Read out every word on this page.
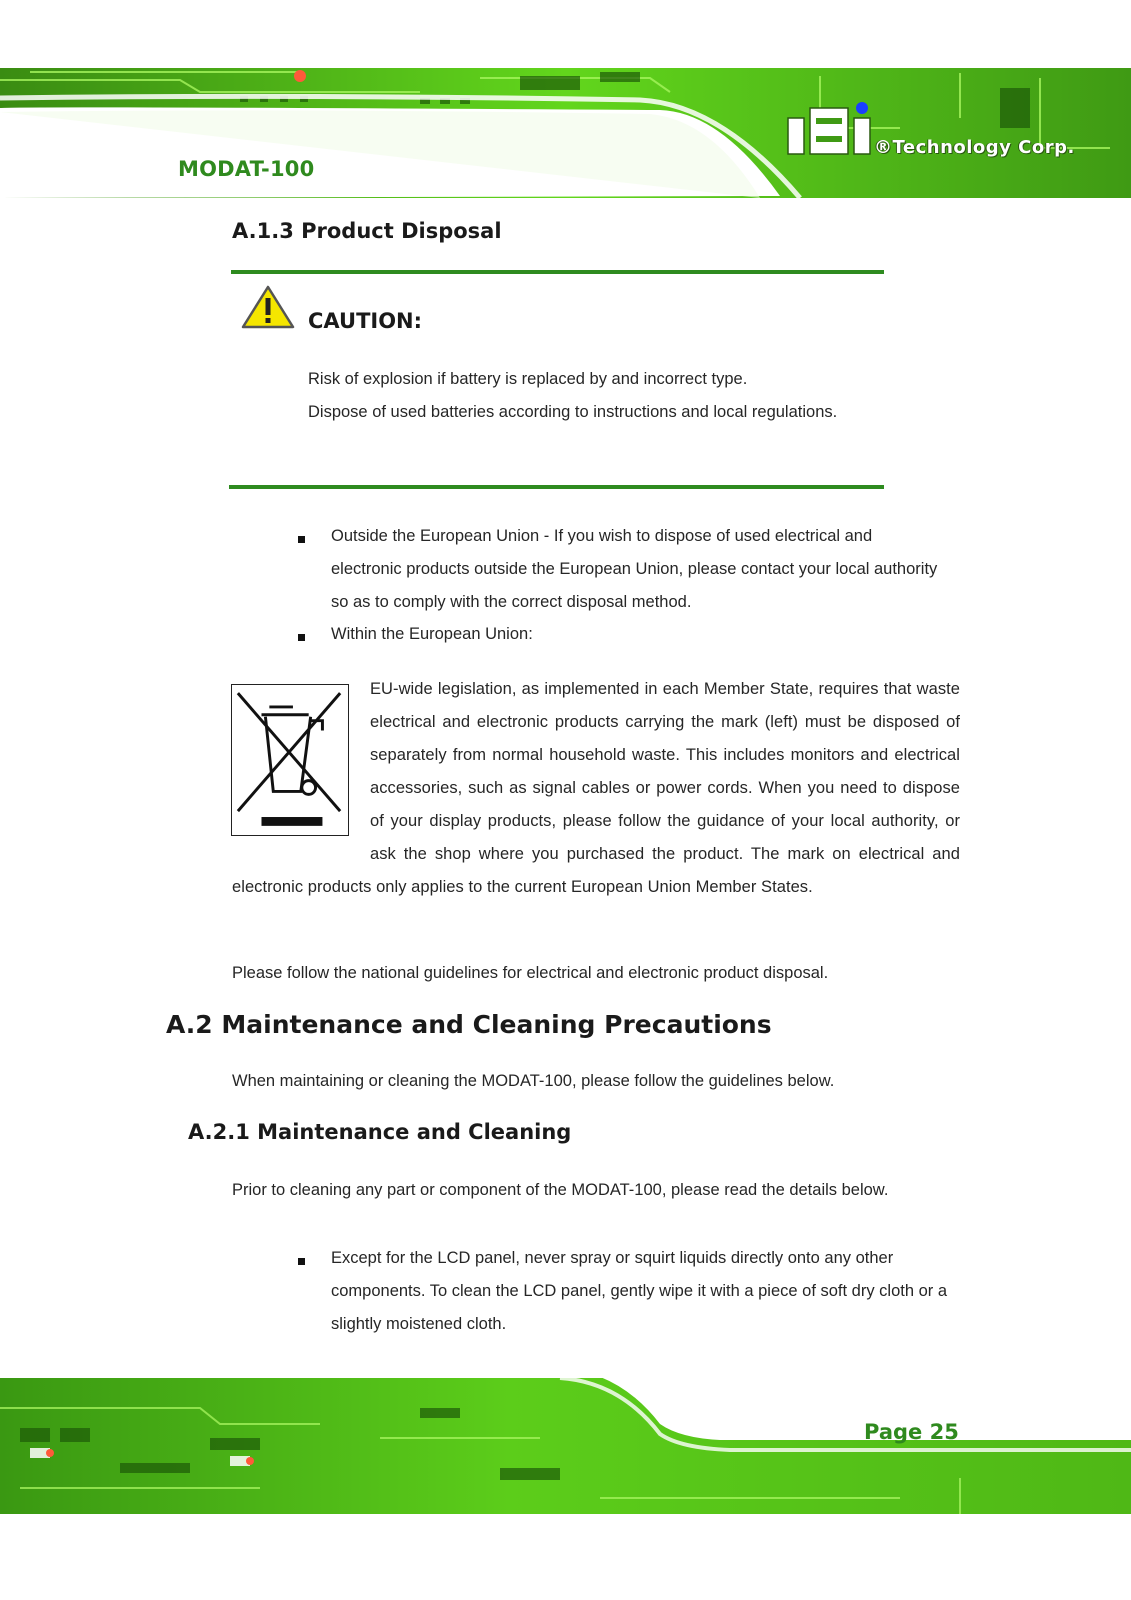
MODAT-100
®Technology Corp.
A.1.3 Product Disposal
CAUTION:
Risk of explosion if battery is replaced by and incorrect type.
Dispose of used batteries according to instructions and local regulations.
Outside the European Union - If you wish to dispose of used electrical and electronic products outside the European Union, please contact your local authority so as to comply with the correct disposal method.
Within the European Union:
EU-wide legislation, as implemented in each Member State, requires that waste electrical and electronic products carrying the mark (left) must be disposed of separately from normal household waste. This includes monitors and electrical accessories, such as signal cables or power cords. When you need to dispose of your display products, please follow the guidance of your local authority, or ask the shop where you purchased the product. The mark on electrical and electronic products only applies to the current European Union Member States.
Please follow the national guidelines for electrical and electronic product disposal.
A.2 Maintenance and Cleaning Precautions
When maintaining or cleaning the MODAT-100, please follow the guidelines below.
A.2.1 Maintenance and Cleaning
Prior to cleaning any part or component of the MODAT-100, please read the details below.
Except for the LCD panel, never spray or squirt liquids directly onto any other components. To clean the LCD panel, gently wipe it with a piece of soft dry cloth or a slightly moistened cloth.
Page 25
